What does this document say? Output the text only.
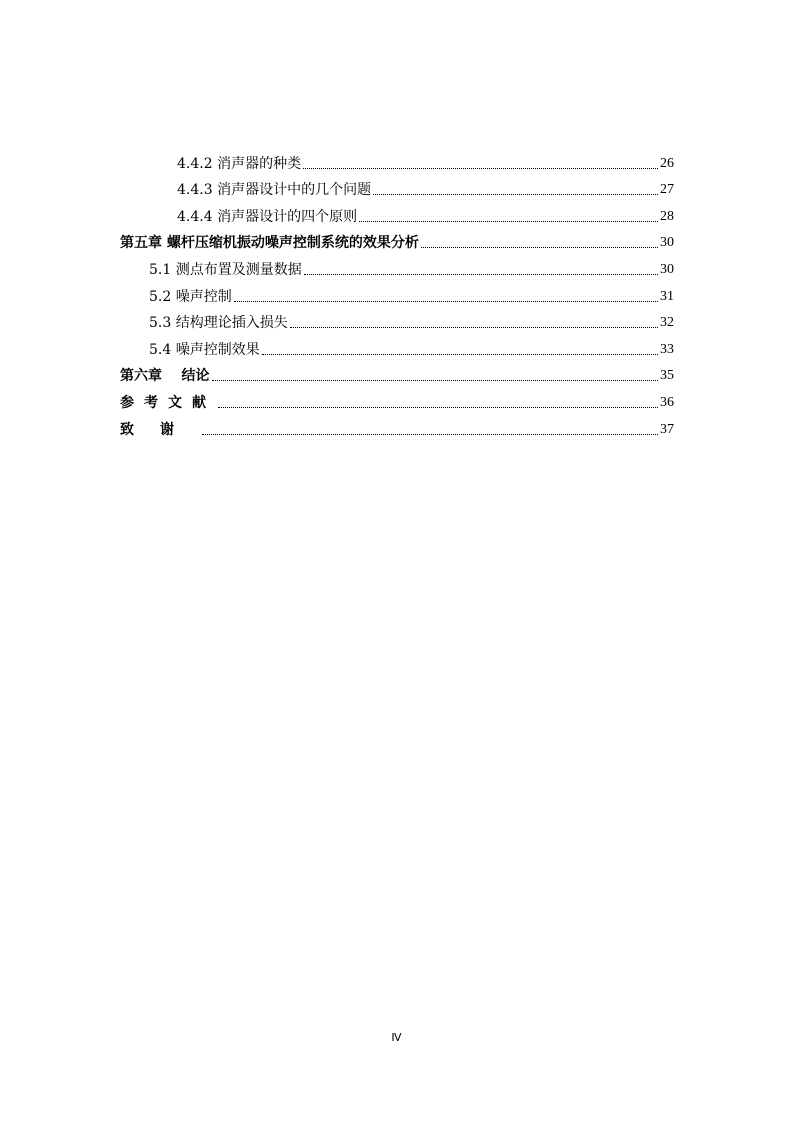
4.4.2 消声器的种类	26
4.4.3 消声器设计中的几个问题	27
4.4.4 消声器设计的四个原则	28
第五章 螺杆压缩机振动噪声控制系统的效果分析	30
5.1 测点布置及测量数据	30
5.2 噪声控制	31
5.3 结构理论插入损失	32
5.4 噪声控制效果	33
第六章    结论	35
参考文献	36
致谢	37
Ⅳ
